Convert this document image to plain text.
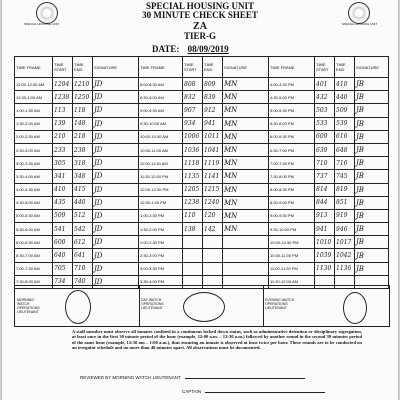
SPECIAL HOUSING UNIT	SPECIAL HOUSING UNIT
SPECIAL HOUSING UNIT
30 MINUTE CHECK SHEET
ZA
TIER-G
DATE: 08/09/2019
TIME FRAME	TIME START	TIME END	SIGNATURE	TIME FRAME	TIME START	TIME END	SIGNATURE	TIME FRAME	TIME START	TIME END	SIGNATURE
12:00-12:30 AM	1204	1210	JD	8:00-8:30 AM	808	809	MN	4:00-4:30 PM	401	410	JB
12:30-1:00 AM	1238	1250	JD	8:30-9:00 AM	832	839	MN	4:30-5:00 PM	432	440	JB
1:00-1:30 AM	113	118	JD	9:00-9:30 AM	907	912	MN	5:00-5:30 PM	503	509	JB
1:30-2:00 AM	139	148	JD	9:30-10:00 AM	934	941	MN	5:30-6:00 PM	533	539	JB
2:00-2:30 AM	210	218	JD	10:00-10:30 AM	1006	1011	MN	6:00-6:30 PM	609	616	JB
2:30-3:00 AM	233	238	JD	10:30-11:00 AM	1036	1041	MN	6:30-7:00 PM	639	648	JB
3:00-3:30 AM	305	318	JD	11:00-11:30 AM	1118	1119	MN	7:00-7:30 PM	710	716	JB
3:30-4:00 AM	341	348	JD	11:30-12:00 PM	1135	1141	MN	7:30-8:00 PM	737	745	JB
4:00-4:30 AM	410	415	JD	12:00-12:30 PM	1205	1215	MN	8:00-8:30 PM	814	819	JB
4:30-5:00 AM	435	440	JD	12:30-1:00 PM	1238	1240	MN	8:30-9:00 PM	844	851	JB
5:00-5:30 AM	509	512	JD	1:00-1:30 PM	110	120	MN	9:00-9:30 PM	913	919	JB
5:30-6:00 AM	541	542	JD	1:30-2:00 PM	138	142	MN	9:30-10:00 PM	941	946	JB
6:00-6:30 AM	600	612	JD	2:00-2:30 PM				10:00-10:30 PM	1010	1017	JB
6:30-7:00 AM	640	641	JD	2:30-3:00 PM				10:30-11:00 PM	1039	1042	JB
7:00-7:30 AM	705	710	JD	3:00-3:30 PM				11:00-11:30 PM	1130	1136	JB
7:30-8:00 AM	734	740	JD	3:30-4:00 PM				11:30-12:00 AM			
MORNING WATCH OPERATIONS LIEUTENANT
DAY WATCH OPERATIONS LIEUTENANT
EVENING WATCH OPERATIONS LIEUTENANT
A staff member must observe all inmates confined in a continuous locked down status, such as administrative detention or disciplinary segregation, at least once in the first 30 minute period of the hour (example, 12:00 a.m. – 12:30 a.m.) followed by another round in the second 30 minutes period of the same hour (example, 12:30 am – 1:00 a.m.), thus ensuring an inmate is observed at least twice per hour. These rounds are to be conducted on an irregular schedule and no more than 40 minutes apart. All observations must be documented.
REVIEWED BY MORNING WATCH LIEUTENANT
CAPTAIN
